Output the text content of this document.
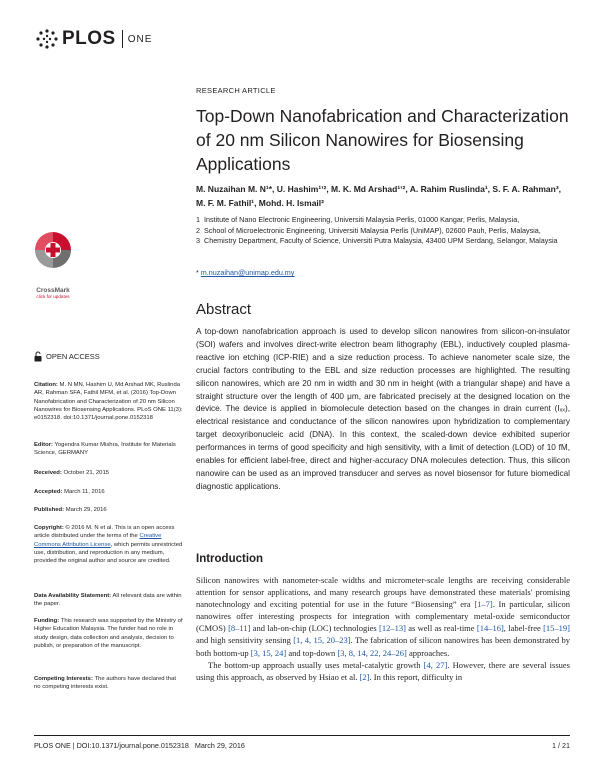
PLOS ONE
RESEARCH ARTICLE
Top-Down Nanofabrication and Characterization of 20 nm Silicon Nanowires for Biosensing Applications
M. Nuzaihan M. N¹*, U. Hashim¹ʼ², M. K. Md Arshad¹ʼ², A. Rahim Ruslinda¹, S. F. A. Rahman³, M. F. M. Fathil¹, Mohd. H. Ismail²
1 Institute of Nano Electronic Engineering, Universiti Malaysia Perlis, 01000 Kangar, Perlis, Malaysia,
2 School of Microelectronic Engineering, Universiti Malaysia Perlis (UniMAP), 02600 Pauh, Perlis, Malaysia,
3 Chemistry Department, Faculty of Science, Universiti Putra Malaysia, 43400 UPM Serdang, Selangor, Malaysia
* m.nuzaihan@unimap.edu.my
Abstract

A top-down nanofabrication approach is used to develop silicon nanowires from silicon-on-insulator (SOI) wafers and involves direct-write electron beam lithography (EBL), inductively coupled plasma-reactive ion etching (ICP-RIE) and a size reduction process. To achieve nanometer scale size, the crucial factors contributing to the EBL and size reduction processes are highlighted. The resulting silicon nanowires, which are 20 nm in width and 30 nm in height (with a triangular shape) and have a straight structure over the length of 400 μm, are fabricated precisely at the designed location on the device. The device is applied in biomolecule detection based on the changes in drain current (Iₓₓ), electrical resistance and conductance of the silicon nanowires upon hybridization to complementary target deoxyribonucleic acid (DNA). In this context, the scaled-down device exhibited superior performances in terms of good specificity and high sensitivity, with a limit of detection (LOD) of 10 fM, enables for efficient label-free, direct and higher-accuracy DNA molecules detection. Thus, this silicon nanowire can be used as an improved transducer and serves as novel biosensor for future biomedical diagnostic applications.

Introduction

Silicon nanowires with nanometer-scale widths and micrometer-scale lengths are receiving considerable attention for sensor applications, and many research groups have demonstrated these materials' promising nanotechnology and exciting potential for use in the future “Biosensing” era [1–7]. In particular, silicon nanowires offer interesting prospects for integration with complementary metal-oxide semiconductor (CMOS) [8–11] and lab-on-chip (LOC) technologies [12–13] as well as real-time [14–16], label-free [15–19] and high sensitivity sensing [1, 4, 15, 20–23]. The fabrication of silicon nanowires has been demonstrated by both bottom-up [3, 15, 24] and top-down [3, 8, 14, 22, 24–26] approaches.

The bottom-up approach usually uses metal-catalytic growth [4, 27]. However, there are several issues using this approach, as observed by Hsiao et al. [2]. In this report, difficulty in

CrossMark
click for updates
OPEN ACCESS
Citation: M. N MN, Hashim U, Md Arshad MK, Ruslinda AR, Rahman SFA, Fathil MFM, et al. (2016) Top-Down Nanofabrication and Characterization of 20 nm Silicon Nanowires for Biosensing Applications. PLoS ONE 11(3): e0152318. doi:10.1371/journal.pone.0152318
Editor: Yogendra Kumar Mishra, Institute for Materials Science, GERMANY
Received: October 21, 2015
Accepted: March 11, 2016
Published: March 29, 2016
Copyright: © 2016 M. N et al. This is an open access article distributed under the terms of the Creative Commons Attribution License, which permits unrestricted use, distribution, and reproduction in any medium, provided the original author and source are credited.
Data Availability Statement: All relevant data are within the paper.
Funding: This research was supported by the Ministry of Higher Education Malaysia. The funder had no role in study design, data collection and analysis, decision to publish, or preparation of the manuscript.
Competing Interests: The authors have declared that no competing interests exist.
PLOS ONE | DOI:10.1371/journal.pone.0152318   March 29, 2016	1 / 21
